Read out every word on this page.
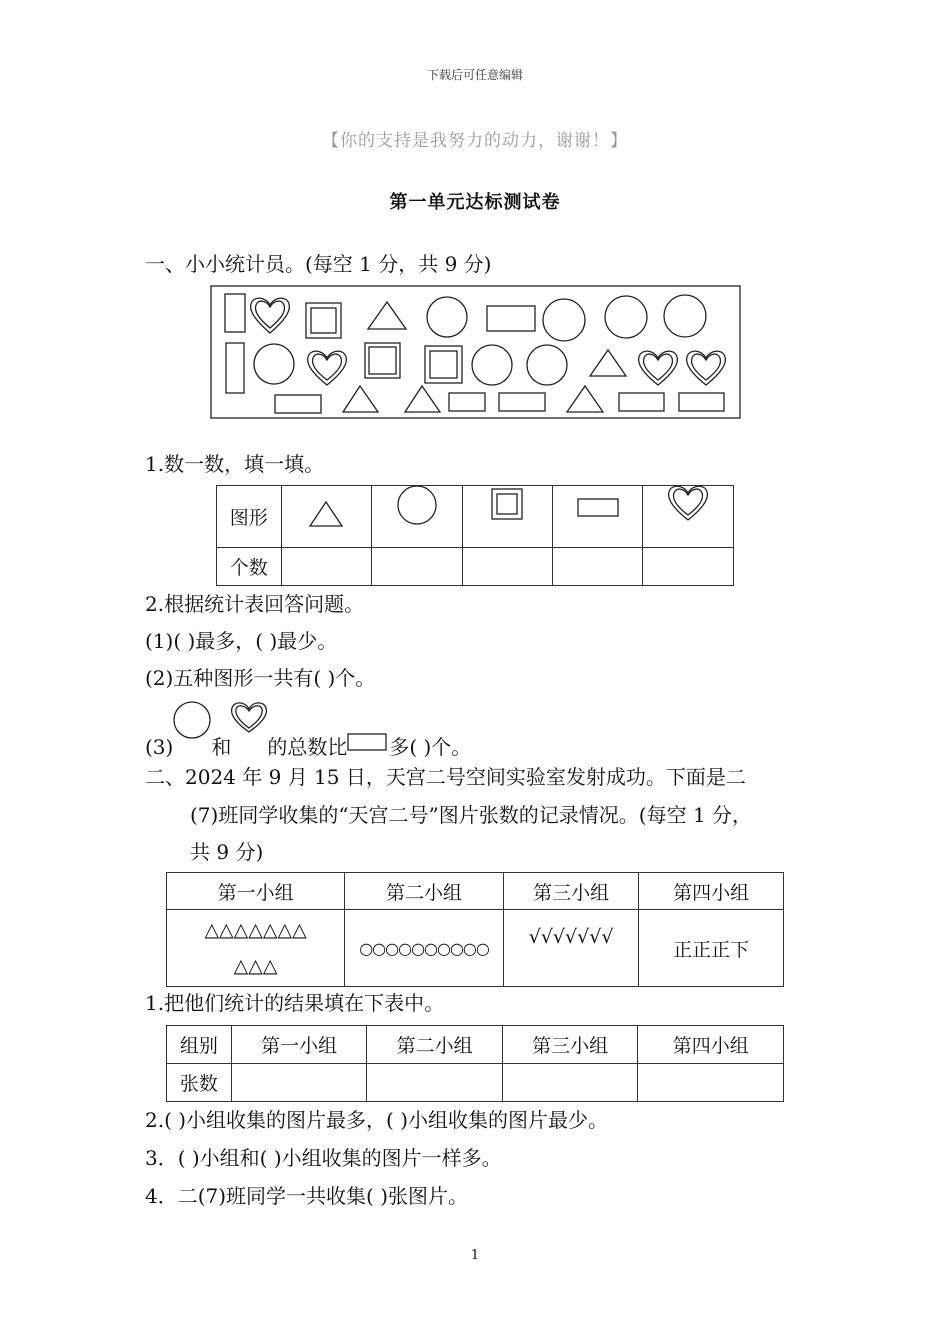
下载后可任意编辑
【你的支持是我努力的动力，谢谢！】
第一单元达标测试卷
一、小小统计员。(每空 1 分，共 9 分)
1.数一数，填一填。
图形					
个数					
2.根据统计表回答问题。
(1)( )最多，( )最少。
(2)五种图形一共有( )个。
(3) 和 的总数比 多( )个。
二、2024 年 9 月 15 日，天宫二号空间实验室发射成功。下面是二
(7)班同学收集的“天宫二号”图片张数的记录情况。(每空 1 分，
共 9 分)
第一小组	第二小组	第三小组	第四小组

△△△△△△△
△△△	○○○○○○○○○○	√√√√√√√	正正正下
1.把他们统计的结果填在下表中。
组别	第一小组	第二小组	第三小组	第四小组
张数				
2.( )小组收集的图片最多，( )小组收集的图片最少。
3．( )小组和( )小组收集的图片一样多。
4．二(7)班同学一共收集( )张图片。
1
